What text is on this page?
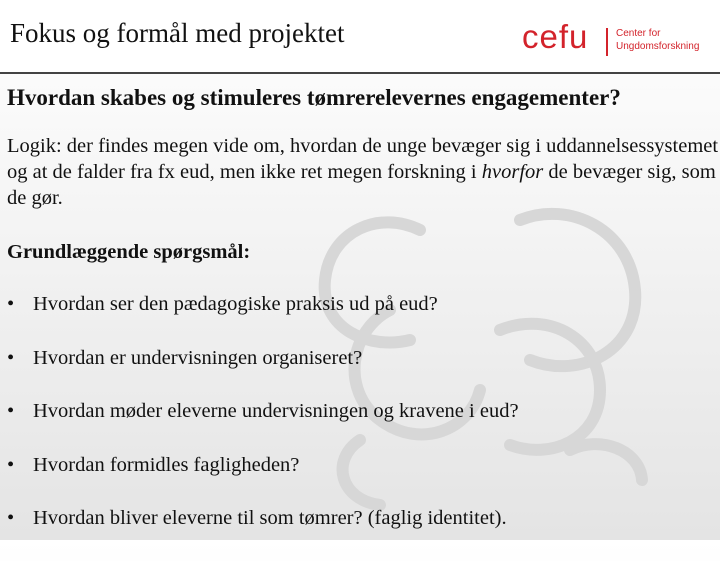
Fokus og formål med projektet	cefu	Center for
Ungdomsforskning
Hvordan skabes og stimuleres tømrerelevernes engagementer?
Logik: der findes megen vide om, hvordan de unge bevæger sig i uddannelsessystemet og at de falder fra fx eud, men ikke ret megen forskning i hvorfor de bevæger sig, som de gør.
Grundlæggende spørgsmål:
• Hvordan ser den pædagogiske praksis ud på eud?
• Hvordan er undervisningen organiseret?
• Hvordan møder eleverne undervisningen og kravene i eud?
• Hvordan formidles fagligheden?
• Hvordan bliver eleverne til som tømrer? (faglig identitet).
